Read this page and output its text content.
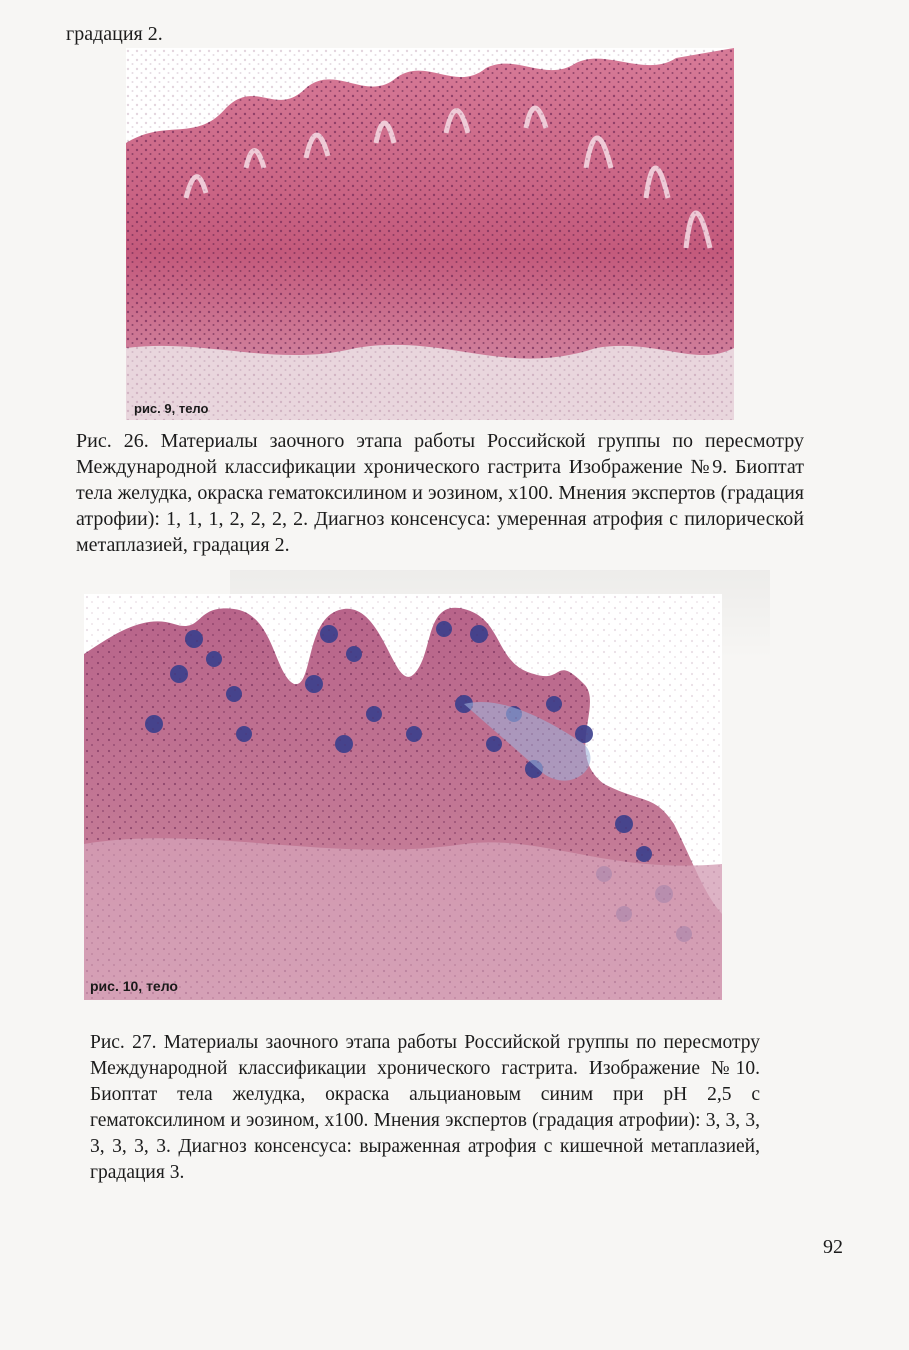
градация 2.
рис. 9, тело

Рис. 26. Материалы заочного этапа работы Российской группы по пересмотру Международной классификации хронического гастрита Изображение №9. Биоптат тела желудка, окраска гематоксилином и эозином, х100. Мнения экспертов (градация атрофии): 1, 1, 1, 2, 2, 2, 2. Диагноз консенсуса: умеренная атрофия с пилорической метаплазией, градация 2.

рис. 10, тело

Рис. 27. Материалы заочного этапа работы Российской группы по пересмотру Международной классификации хронического гастрита. Изображение №10. Биоптат тела желудка, окраска альциановым синим при рН 2,5 с гематоксилином и эозином, х100. Мнения экспертов (градация атрофии): 3, 3, 3, 3, 3, 3, 3. Диагноз консенсуса: выраженная атрофия с кишечной метаплазией, градация 3.

92
